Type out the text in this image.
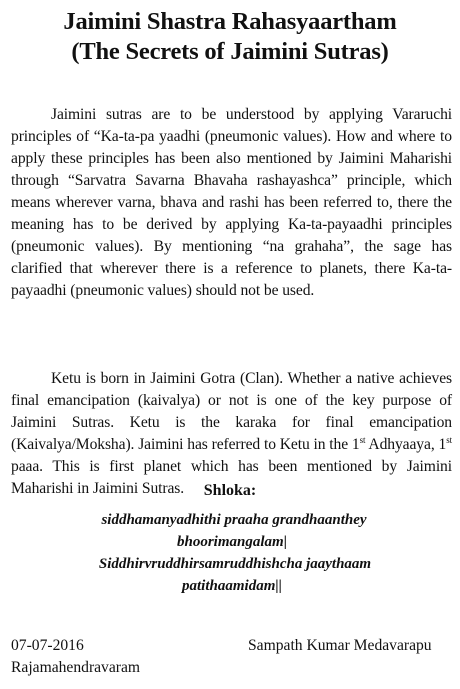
Jaimini Shastra Rahasyaartham
(The Secrets of Jaimini Sutras)

Jaimini sutras are to be understood by applying Vararuchi principles of “Ka-ta-pa yaadhi (pneumonic values). How and where to apply these principles has been also mentioned by Jaimini Maharishi through “Sarvatra Savarna Bhavaha rashayashca” principle, which means wherever varna, bhava and rashi has been referred to, there the meaning has to be derived by applying Ka-ta-payaadhi principles (pneumonic values). By mentioning “na grahaha”, the sage has clarified that wherever there is a reference to planets, there Ka-ta-payaadhi (pneumonic values) should not be used.

Ketu is born in Jaimini Gotra (Clan). Whether a native achieves final emancipation (kaivalya) or not is one of the key purpose of Jaimini Sutras. Ketu is the karaka for final emancipation (Kaivalya/Moksha). Jaimini has referred to Ketu in the 1st Adhyaaya, 1st paaa. This is first planet which has been mentioned by Jaimini Maharishi in Jaimini Sutras.	Shloka:

siddhamanyadhithi praaha grandhaanthey

bhoorimangalam|

Siddhirvruddhirsamruddhishcha jaaythaam

patithaamidam||

07-07-2016

Rajamahendravaram

Sampath Kumar Medavarapu
